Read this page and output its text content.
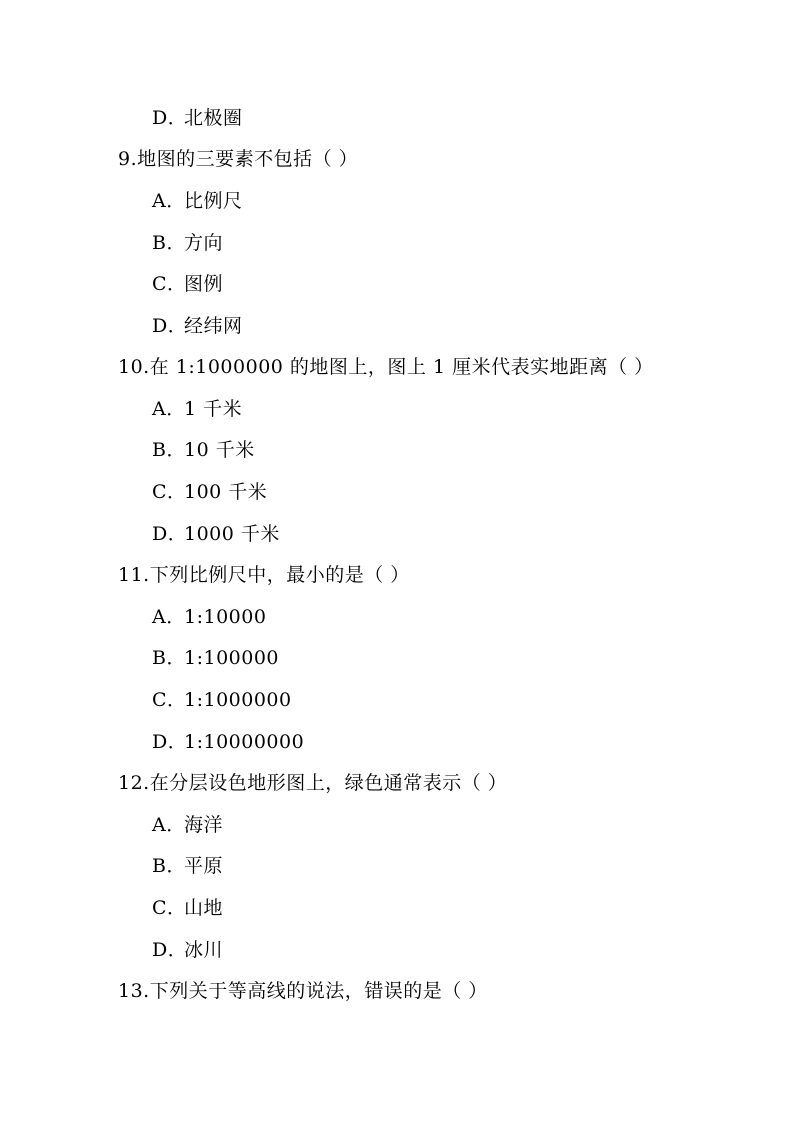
D．北极圈
9.地图的三要素不包括（ ）
A．比例尺
B．方向
C．图例
D．经纬网
10.在 1:1000000 的地图上，图上 1 厘米代表实地距离（ ）
A．1 千米
B．10 千米
C．100 千米
D．1000 千米
11.下列比例尺中，最小的是（ ）
A．1:10000
B．1:100000
C．1:1000000
D．1:10000000
12.在分层设色地形图上，绿色通常表示（ ）
A．海洋
B．平原
C．山地
D．冰川
13.下列关于等高线的说法，错误的是（ ）
